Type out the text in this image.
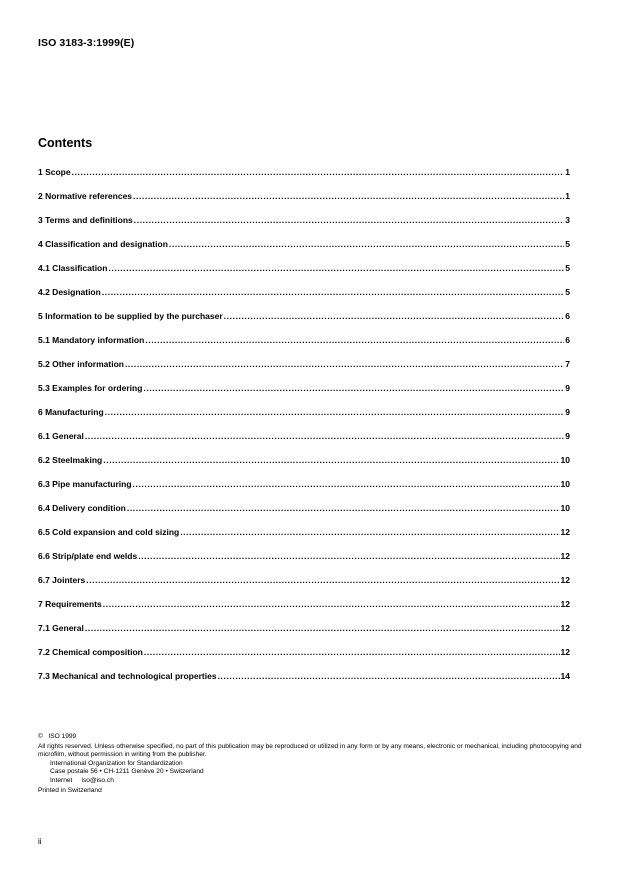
ISO 3183-3:1999(E)
Contents
1 Scope .....	1
2 Normative references .....	1
3 Terms and definitions .....	3
4 Classification and designation .....	5
4.1 Classification .....	5
4.2 Designation .....	5
5 Information to be supplied by the purchaser .....	6
5.1 Mandatory information .....	6
5.2 Other information .....	7
5.3 Examples for ordering .....	9
6 Manufacturing .....	9
6.1 General .....	9
6.2 Steelmaking .....	10
6.3 Pipe manufacturing .....	10
6.4 Delivery condition .....	10
6.5 Cold expansion and cold sizing .....	12
6.6 Strip/plate end welds .....	12
6.7 Jointers .....	12
7 Requirements .....	12
7.1 General .....	12
7.2 Chemical composition .....	12
7.3 Mechanical and technological properties .....	14
© ISO 1999
All rights reserved. Unless otherwise specified, no part of this publication may be reproduced or utilized in any form or by any means, electronic or mechanical, including photocopying and microfilm, without permission in writing from the publisher.
International Organization for Standardization
Case postale 56 • CH-1211 Genève 20 • Switzerland
Internet iso@iso.ch
Printed in Switzerland
ii
